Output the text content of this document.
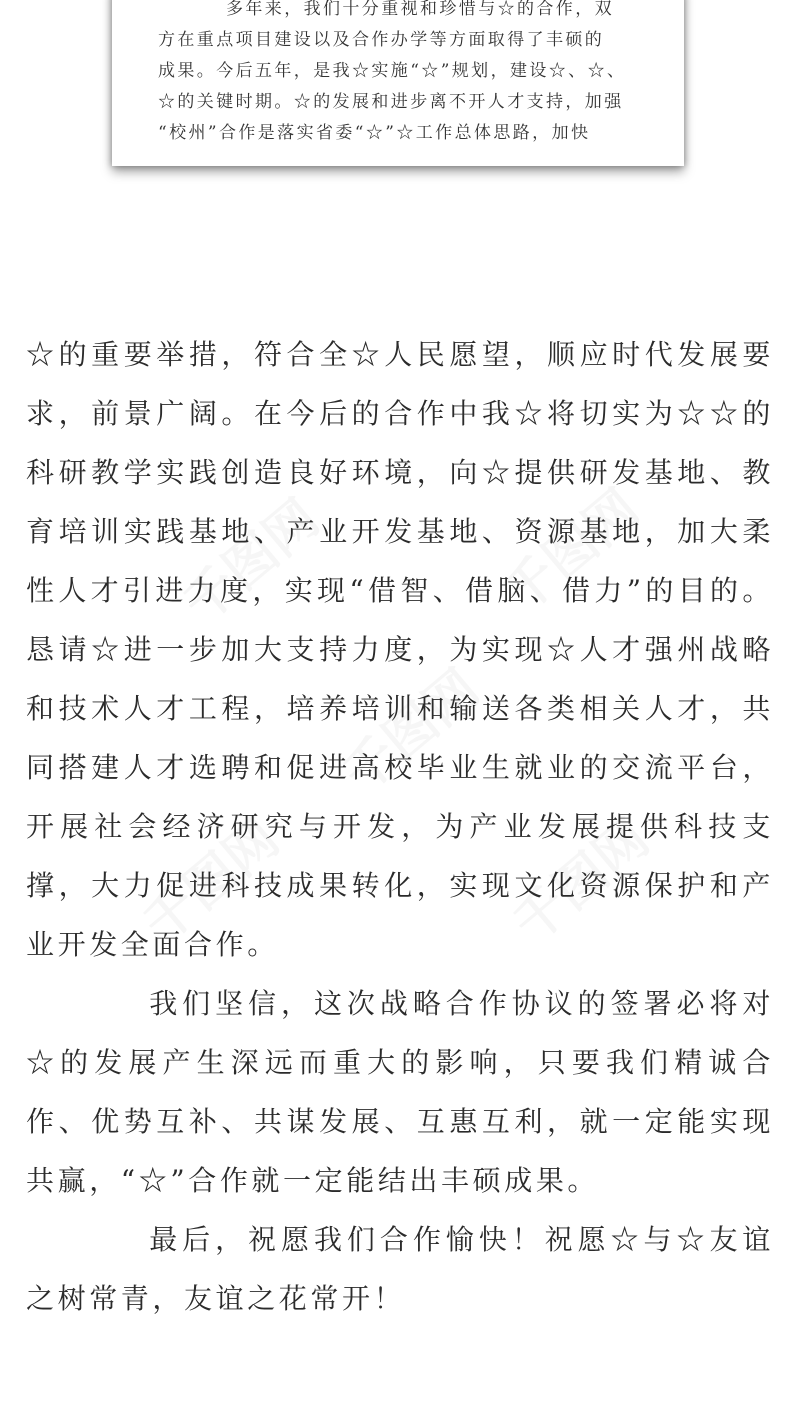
多年来，我们十分重视和珍惜与☆的合作，双

方在重点项目建设以及合作办学等方面取得了丰硕的

成果。今后五年，是我☆实施“☆”规划，建设☆、☆、

☆的关键时期。☆的发展和进步离不开人才支持，加强

“校州”合作是落实省委“☆”☆工作总体思路，加快

☆的重要举措，符合全☆人民愿望，顺应时代发展要求，前景广阔。在今后的合作中我☆将切实为☆☆的科研教学实践创造良好环境，向☆提供研发基地、教育培训实践基地、产业开发基地、资源基地，加大柔性人才引进力度，实现“借智、借脑、借力”的目的。恳请☆进一步加大支持力度，为实现☆人才强州战略和技术人才工程，培养培训和输送各类相关人才，共同搭建人才选聘和促进高校毕业生就业的交流平台，开展社会经济研究与开发，为产业发展提供科技支撑，大力促进科技成果转化，实现文化资源保护和产业开发全面合作。

我们坚信，这次战略合作协议的签署必将对☆的发展产生深远而重大的影响，只要我们精诚合作、优势互补、共谋发展、互惠互利，就一定能实现共赢，“☆”合作就一定能结出丰硕成果。

最后，祝愿我们合作愉快！祝愿☆与☆友谊之树常青，友谊之花常开！
